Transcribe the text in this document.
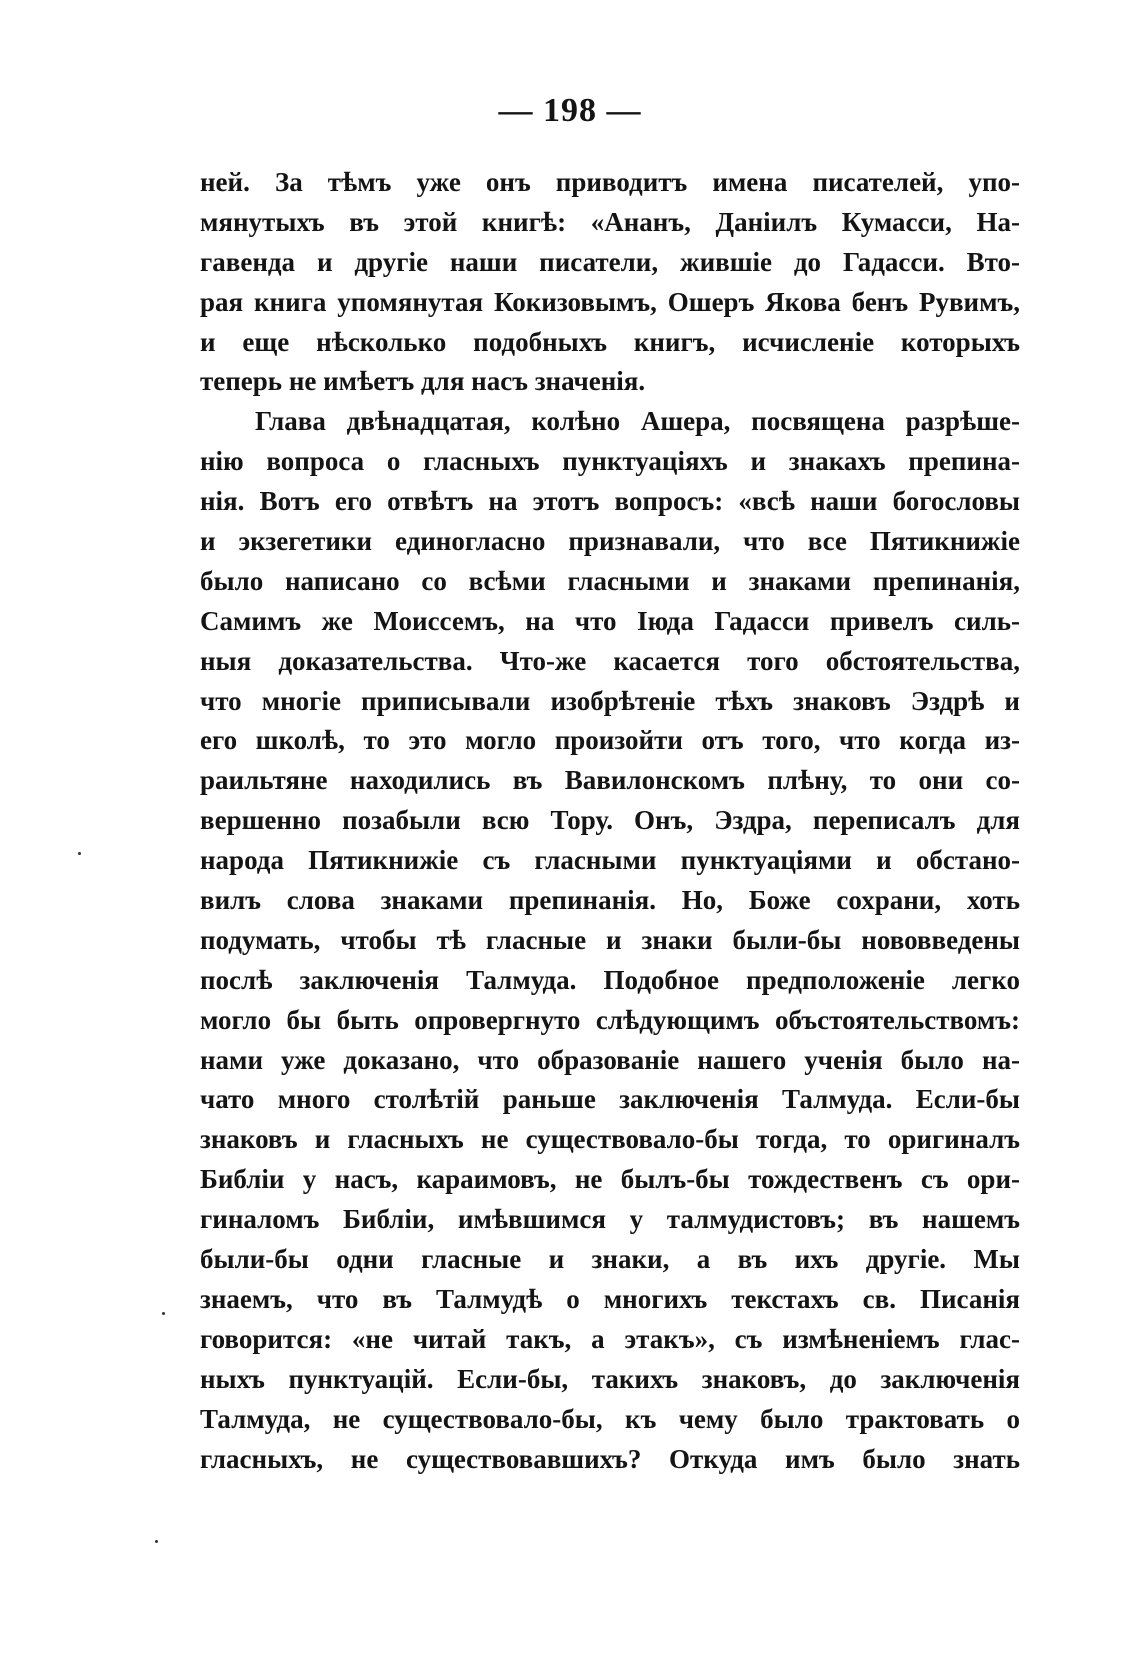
— 198 —
ней. За тѣмъ уже онъ приводитъ имена писателей, упо-
мянутыхъ въ этой книгѣ: «Ананъ, Даніилъ Кумасси, На-
гавенда и другіе наши писатели, жившіе до Гадасси. Вто-
рая книга упомянутая Кокизовымъ, Ошеръ Якова бенъ Рувимъ,
и еще нѣсколько подобныхъ книгъ, исчисленіе которыхъ
теперь не имѣетъ для насъ значенія.
Глава двѣнадцатая, колѣно Ашера, посвящена разрѣше-
нію вопроса о гласныхъ пунктуаціяхъ и знакахъ препина-
нія. Вотъ его отвѣтъ на этотъ вопросъ: «всѣ наши богословы
и экзегетики единогласно признавали, что все Пятикнижіе
было написано со всѣми гласными и знаками препинанія,
Самимъ же Моиссемъ, на что Іюда Гадасси привелъ силь-
ныя доказательства. Что-же касается того обстоятельства,
что многіе приписывали изобрѣтеніе тѣхъ знаковъ Эздрѣ и
его школѣ, то это могло произойти отъ того, что когда из-
раильтяне находились въ Вавилонскомъ плѣну, то они со-
вершенно позабыли всю Тору. Онъ, Эздра, переписалъ для
народа Пятикнижіе съ гласными пунктуаціями и обстано-
вилъ слова знаками препинанія. Но, Боже сохрани, хоть
подумать, чтобы тѣ гласные и знаки были-бы нововведены
послѣ заключенія Талмуда. Подобное предположеніе легко
могло бы быть опровергнуто слѣдующимъ объстоятельствомъ:
нами уже доказано, что образованіе нашего ученія было на-
чато много столѣтій раньше заключенія Талмуда. Если-бы
знаковъ и гласныхъ не существовало-бы тогда, то оригиналъ
Библіи у насъ, караимовъ, не былъ-бы тождественъ съ ори-
гиналомъ Библіи, имѣвшимся у талмудистовъ; въ нашемъ
были-бы одни гласные и знаки, а въ ихъ другіе. Мы
знаемъ, что въ Талмудѣ о многихъ текстахъ св. Писанія
говорится: «не читай такъ, а этакъ», съ измѣненіемъ глас-
ныхъ пунктуацій. Если-бы, такихъ знаковъ, до заключенія
Талмуда, не существовало-бы, къ чему было трактовать о
гласныхъ, не существовавшихъ? Откуда имъ было знать
